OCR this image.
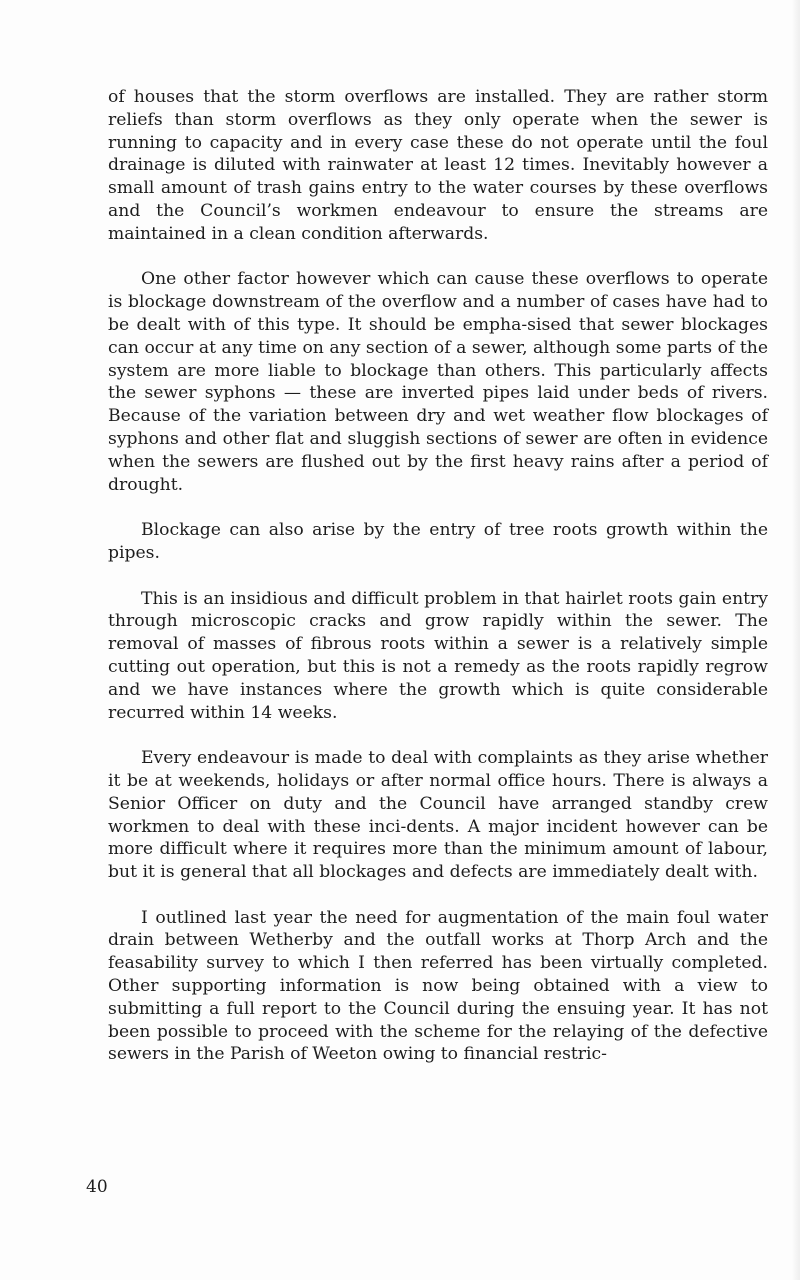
of houses that the storm overflows are installed. They are rather storm reliefs than storm overflows as they only operate when the sewer is running to capacity and in every case these do not operate until the foul drainage is diluted with rainwater at least 12 times. Inevitably however a small amount of trash gains entry to the water courses by these overflows and the Council’s workmen endeavour to ensure the streams are maintained in a clean condition afterwards.

One other factor however which can cause these overflows to operate is blockage downstream of the overflow and a number of cases have had to be dealt with of this type. It should be empha-sised that sewer blockages can occur at any time on any section of a sewer, although some parts of the system are more liable to blockage than others. This particularly affects the sewer syphons — these are inverted pipes laid under beds of rivers. Because of the variation between dry and wet weather flow blockages of syphons and other flat and sluggish sections of sewer are often in evidence when the sewers are flushed out by the first heavy rains after a period of drought.

Blockage can also arise by the entry of tree roots growth within the pipes.

This is an insidious and difficult problem in that hairlet roots gain entry through microscopic cracks and grow rapidly within the sewer. The removal of masses of fibrous roots within a sewer is a relatively simple cutting out operation, but this is not a remedy as the roots rapidly regrow and we have instances where the growth which is quite considerable recurred within 14 weeks.

Every endeavour is made to deal with complaints as they arise whether it be at weekends, holidays or after normal office hours. There is always a Senior Officer on duty and the Council have arranged standby crew workmen to deal with these inci-dents. A major incident however can be more difficult where it requires more than the minimum amount of labour, but it is general that all blockages and defects are immediately dealt with.

I outlined last year the need for augmentation of the main foul water drain between Wetherby and the outfall works at Thorp Arch and the feasability survey to which I then referred has been virtually completed. Other supporting information is now being obtained with a view to submitting a full report to the Council during the ensuing year. It has not been possible to proceed with the scheme for the relaying of the defective sewers in the Parish of Weeton owing to financial restric-

40
